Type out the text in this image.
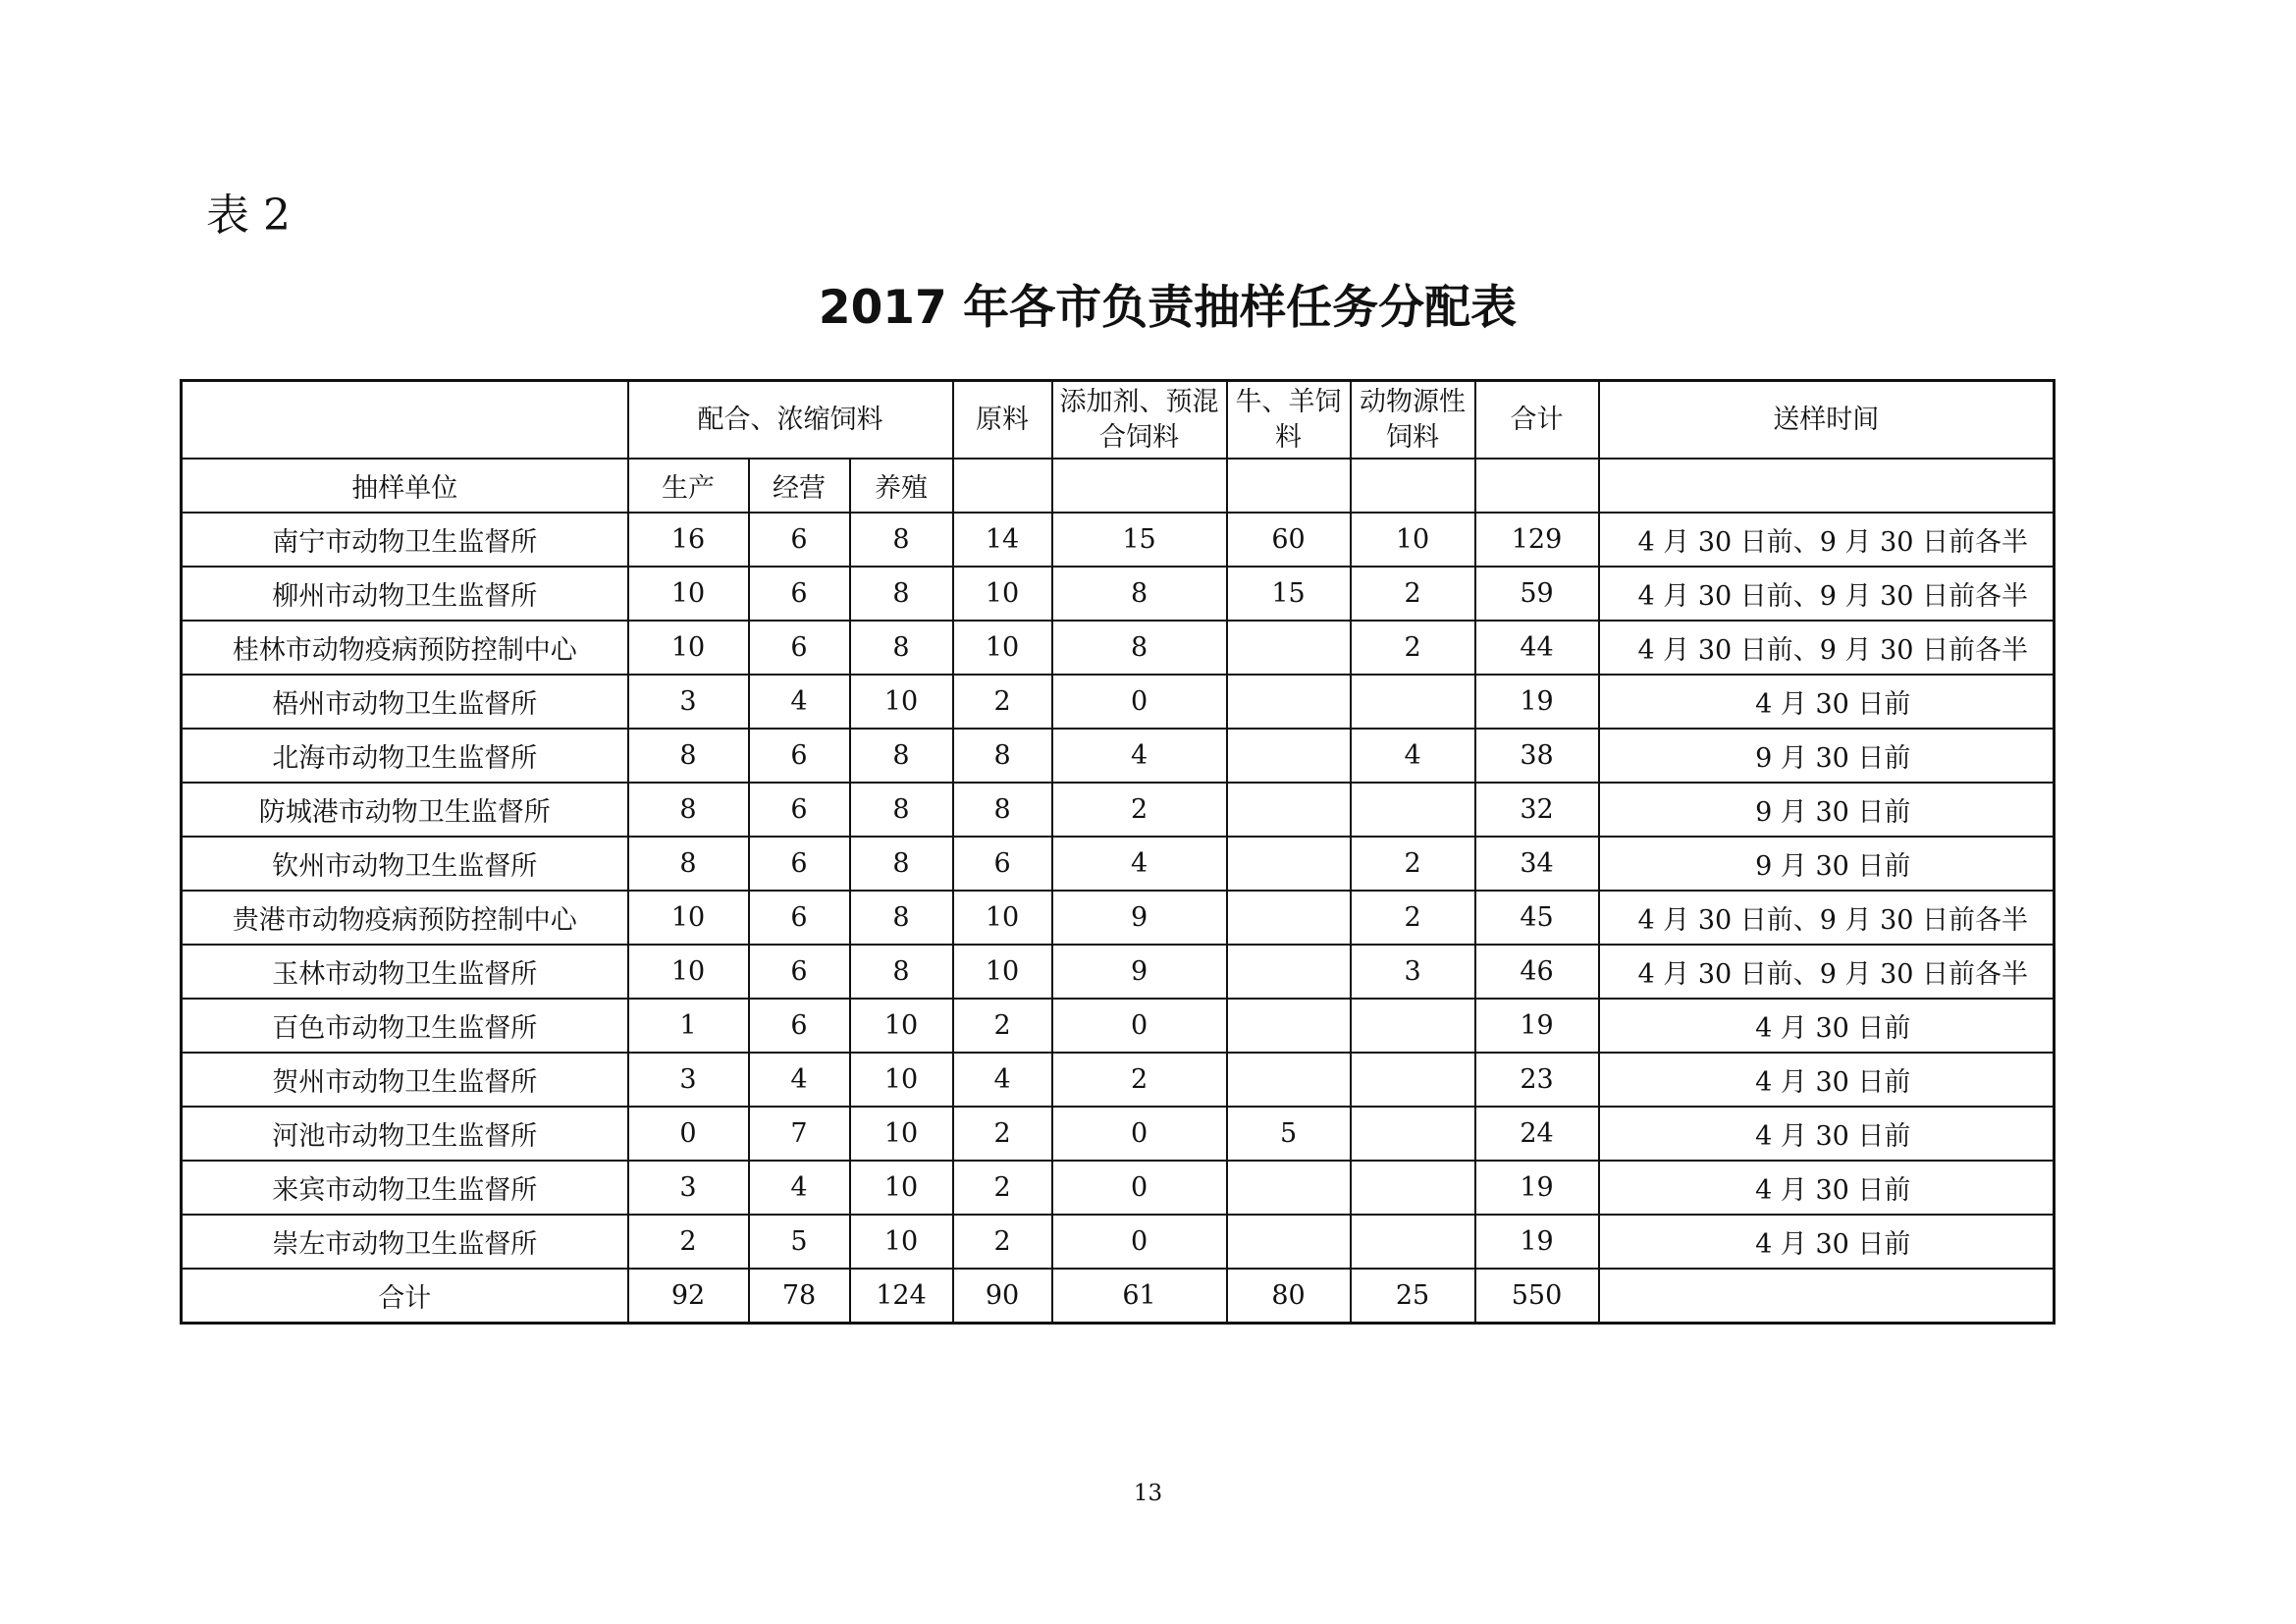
表 2
2017 年各市负责抽样任务分配表
	配合、浓缩饲料			原料	添加剂、预混合饲料	牛、羊饲料	动物源性饲料	合计	送样时间
抽样单位	生产	经营	养殖						
南宁市动物卫生监督所	16	6	8	14	15	60	10	129	4 月 30 日前、9 月 30 日前各半
柳州市动物卫生监督所	10	6	8	10	8	15	2	59	4 月 30 日前、9 月 30 日前各半
桂林市动物疫病预防控制中心	10	6	8	10	8		2	44	4 月 30 日前、9 月 30 日前各半
梧州市动物卫生监督所	3	4	10	2	0			19	4 月 30 日前
北海市动物卫生监督所	8	6	8	8	4		4	38	9 月 30 日前
防城港市动物卫生监督所	8	6	8	8	2			32	9 月 30 日前
钦州市动物卫生监督所	8	6	8	6	4		2	34	9 月 30 日前
贵港市动物疫病预防控制中心	10	6	8	10	9		2	45	4 月 30 日前、9 月 30 日前各半
玉林市动物卫生监督所	10	6	8	10	9		3	46	4 月 30 日前、9 月 30 日前各半
百色市动物卫生监督所	1	6	10	2	0			19	4 月 30 日前
贺州市动物卫生监督所	3	4	10	4	2			23	4 月 30 日前
河池市动物卫生监督所	0	7	10	2	0	5		24	4 月 30 日前
来宾市动物卫生监督所	3	4	10	2	0			19	4 月 30 日前
崇左市动物卫生监督所	2	5	10	2	0			19	4 月 30 日前
合计	92	78	124	90	61	80	25	550	
13
